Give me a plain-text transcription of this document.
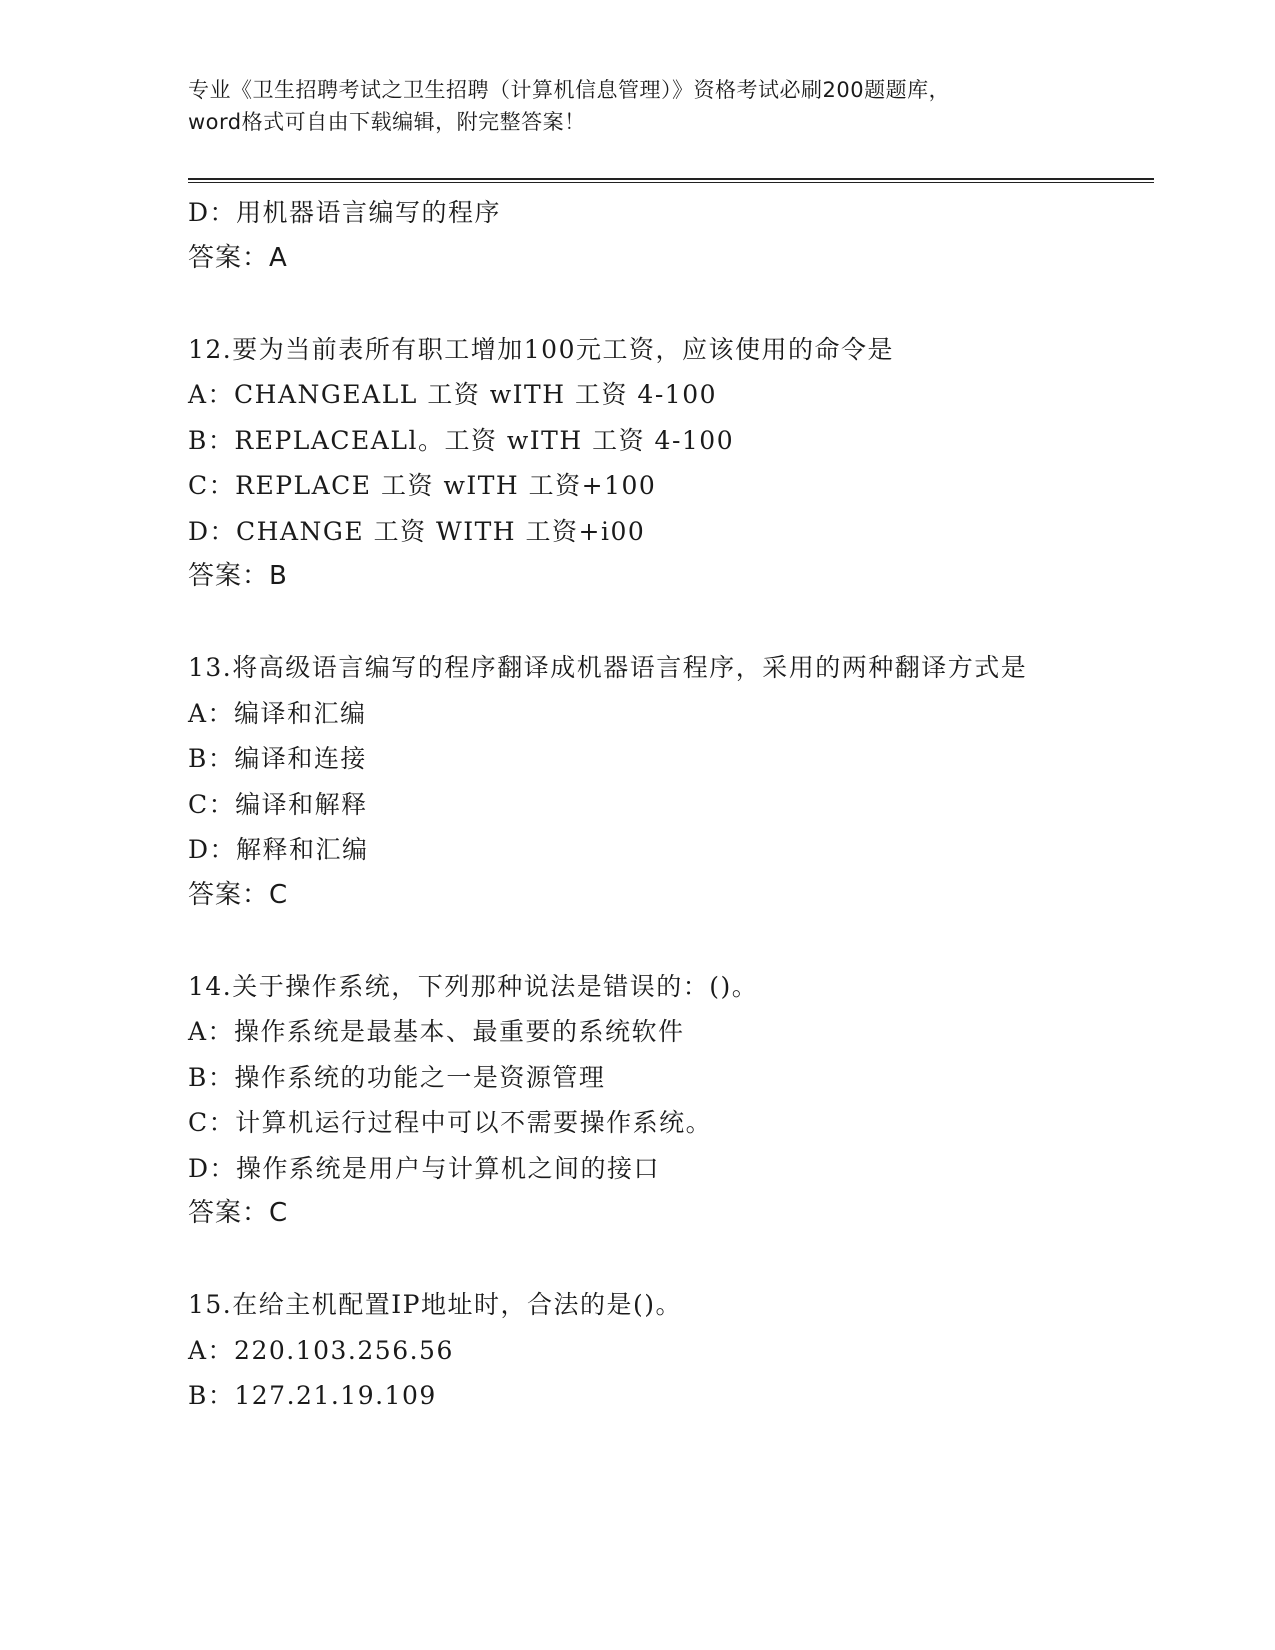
专业《卫生招聘考试之卫生招聘（计算机信息管理）》资格考试必刷200题题库，
word格式可自由下载编辑，附完整答案！
D：用机器语言编写的程序
答案：A
12.要为当前表所有职工增加100元工资，应该使用的命令是
A：CHANGEALL 工资 wITH 工资 4-100
B：REPLACEALl。工资 wITH 工资 4-100
C：REPLACE 工资 wITH 工资+100
D：CHANGE 工资 WITH 工资+i00
答案：B
13.将高级语言编写的程序翻译成机器语言程序，采用的两种翻译方式是
A：编译和汇编
B：编译和连接
C：编译和解释
D：解释和汇编
答案：C
14.关于操作系统，下列那种说法是错误的：()。
A：操作系统是最基本、最重要的系统软件
B：操作系统的功能之一是资源管理
C：计算机运行过程中可以不需要操作系统。
D：操作系统是用户与计算机之间的接口
答案：C
15.在给主机配置IP地址时，合法的是()。
A：220.103.256.56
B：127.21.19.109
